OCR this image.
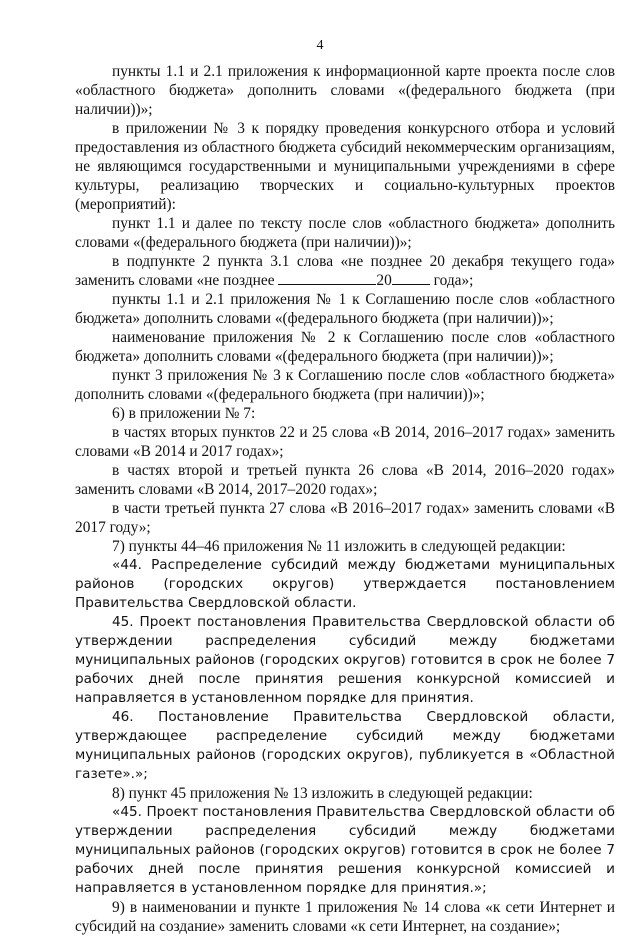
4

пункты 1.1 и 2.1 приложения к информационной карте проекта после слов «областного бюджета» дополнить словами «(федерального бюджета (при наличии))»;

в приложении № 3 к порядку проведения конкурсного отбора и условий предоставления из областного бюджета субсидий некоммерческим организациям, не являющимся государственными и муниципальными учреждениями в сфере культуры, реализацию творческих и социально-культурных проектов (мероприятий):

пункт 1.1 и далее по тексту после слов «областного бюджета» дополнить словами «(федерального бюджета (при наличии))»;

в подпункте 2 пункта 3.1 слова «не позднее 20 декабря текущего года» заменить словами «не позднее	20 года»;

пункты 1.1 и 2.1 приложения № 1 к Соглашению после слов «областного бюджета» дополнить словами «(федерального бюджета (при наличии))»;

наименование приложения № 2 к Соглашению после слов «областного бюджета» дополнить словами «(федерального бюджета (при наличии))»;

пункт 3 приложения № 3 к Соглашению после слов «областного бюджета» дополнить словами «(федерального бюджета (при наличии))»;

6) в приложении № 7:

в частях вторых пунктов 22 и 25 слова «В 2014, 2016–2017 годах» заменить словами «В 2014 и 2017 годах»;

в частях второй и третьей пункта 26 слова «В 2014, 2016–2020 годах» заменить словами «В 2014, 2017–2020 годах»;

в части третьей пункта 27 слова «В 2016–2017 годах» заменить словами «В 2017 году»;

7) пункты 44–46 приложения № 11 изложить в следующей редакции:

«44. Распределение субсидий между бюджетами муниципальных районов (городских округов) утверждается постановлением Правительства Свердловской области.

45. Проект постановления Правительства Свердловской области об утверждении распределения субсидий между бюджетами муниципальных районов (городских округов) готовится в срок не более 7 рабочих дней после принятия решения конкурсной комиссией и направляется в установленном порядке для принятия.

46. Постановление Правительства Свердловской области, утверждающее распределение субсидий между бюджетами муниципальных районов (городских округов), публикуется в «Областной газете».»;

8) пункт 45 приложения № 13 изложить в следующей редакции:

«45. Проект постановления Правительства Свердловской области об утверждении распределения субсидий между бюджетами муниципальных районов (городских округов) готовится в срок не более 7 рабочих дней после принятия решения конкурсной комиссией и направляется в установленном порядке для принятия.»;

9) в наименовании и пункте 1 приложения № 14 слова «к сети Интернет и субсидий на создание» заменить словами «к сети Интернет, на создание»;
